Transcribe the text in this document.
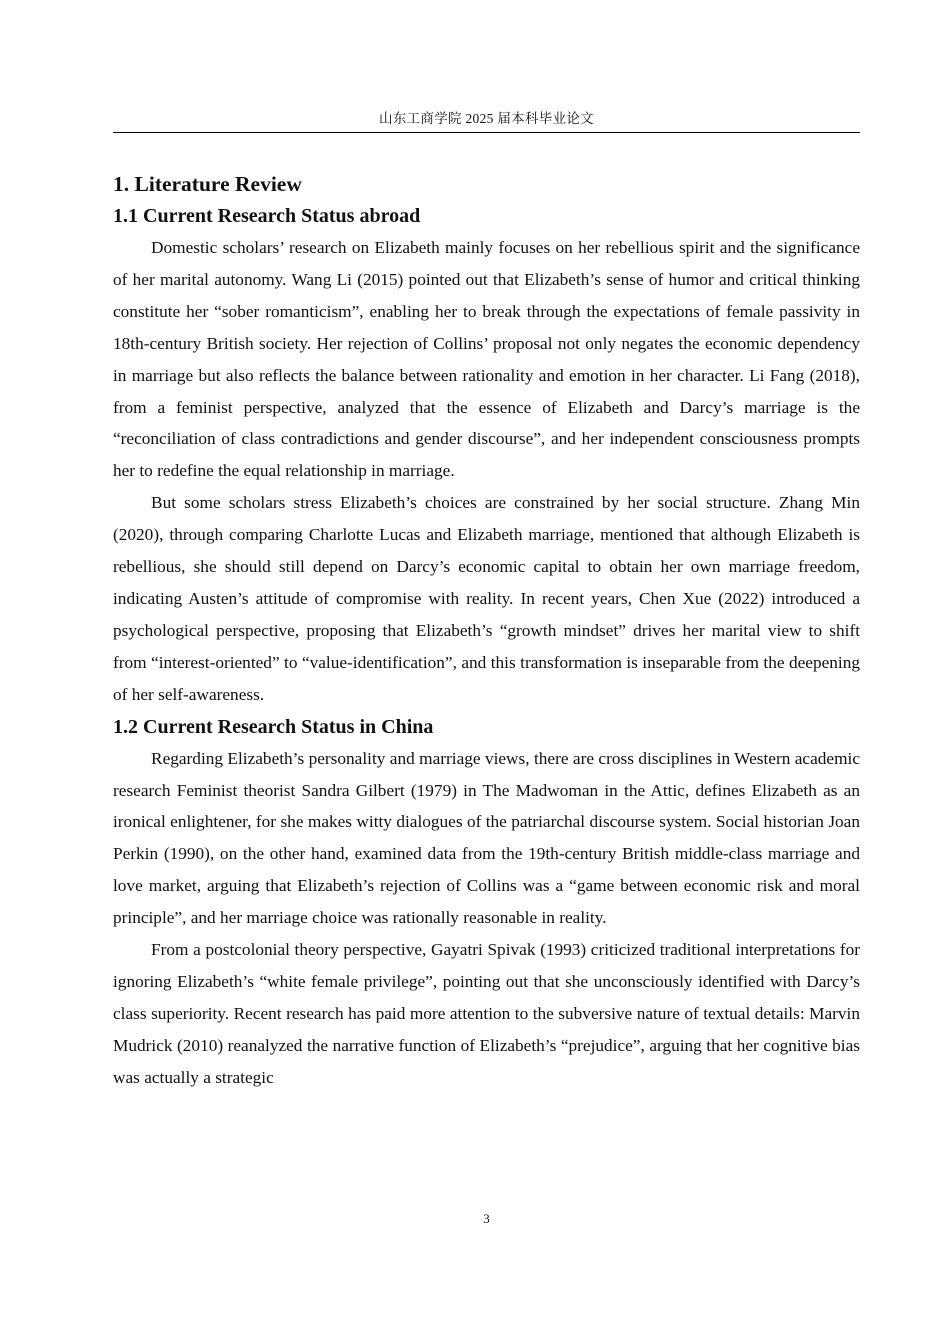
山东工商学院 2025 届本科毕业论文
1. Literature Review
1.1 Current Research Status abroad

Domestic scholars’ research on Elizabeth mainly focuses on her rebellious spirit and the significance of her marital autonomy. Wang Li (2015) pointed out that Elizabeth’s sense of humor and critical thinking constitute her “sober romanticism”, enabling her to break through the expectations of female passivity in 18th-century British society. Her rejection of Collins’ proposal not only negates the economic dependency in marriage but also reflects the balance between rationality and emotion in her character. Li Fang (2018), from a feminist perspective, analyzed that the essence of Elizabeth and Darcy’s marriage is the “reconciliation of class contradictions and gender discourse”, and her independent consciousness prompts her to redefine the equal relationship in marriage.

But some scholars stress Elizabeth’s choices are constrained by her social structure. Zhang Min (2020), through comparing Charlotte Lucas and Elizabeth marriage, mentioned that although Elizabeth is rebellious, she should still depend on Darcy’s economic capital to obtain her own marriage freedom, indicating Austen’s attitude of compromise with reality. In recent years, Chen Xue (2022) introduced a psychological perspective, proposing that Elizabeth’s “growth mindset” drives her marital view to shift from “interest-oriented” to “value-identification”, and this transformation is inseparable from the deepening of her self-awareness.

1.2 Current Research Status in China

Regarding Elizabeth’s personality and marriage views, there are cross disciplines in Western academic research Feminist theorist Sandra Gilbert (1979) in The Madwoman in the Attic, defines Elizabeth as an ironical enlightener, for she makes witty dialogues of the patriarchal discourse system. Social historian Joan Perkin (1990), on the other hand, examined data from the 19th-century British middle-class marriage and love market, arguing that Elizabeth’s rejection of Collins was a “game between economic risk and moral principle”, and her marriage choice was rationally reasonable in reality.

From a postcolonial theory perspective, Gayatri Spivak (1993) criticized traditional interpretations for ignoring Elizabeth’s “white female privilege”, pointing out that she unconsciously identified with Darcy’s class superiority. Recent research has paid more attention to the subversive nature of textual details: Marvin Mudrick (2010) reanalyzed the narrative function of Elizabeth’s “prejudice”, arguing that her cognitive bias was actually a strategic

3
